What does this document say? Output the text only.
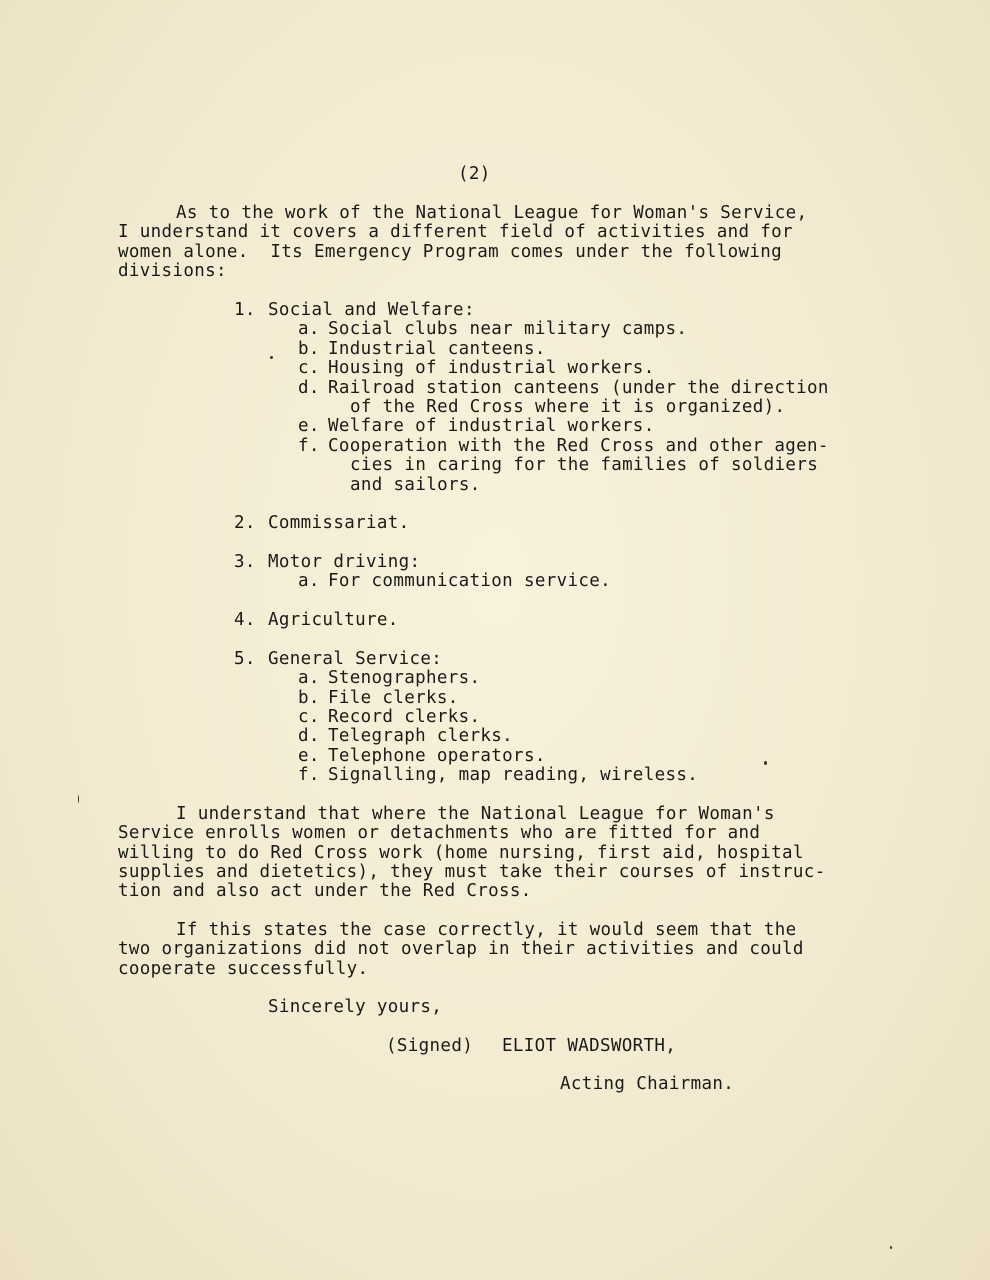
(2)
As to the work of the National League for Woman's Service,
I understand it covers a different field of activities and for
women alone.  Its Emergency Program comes under the following
divisions:
1. Social and Welfare:
a. Social clubs near military camps.
b. Industrial canteens.
c. Housing of industrial workers.
d. Railroad station canteens (under the direction
of the Red Cross where it is organized).
e. Welfare of industrial workers.
f. Cooperation with the Red Cross and other agen-
cies in caring for the families of soldiers
and sailors.
2. Commissariat.
3. Motor driving:
a. For communication service.
4. Agriculture.
5. General Service:
a. Stenographers.
b. File clerks.
c. Record clerks.
d. Telegraph clerks.
e. Telephone operators.
f. Signalling, map reading, wireless.
I understand that where the National League for Woman's
Service enrolls women or detachments who are fitted for and
willing to do Red Cross work (home nursing, first aid, hospital
supplies and dietetics), they must take their courses of instruc-
tion and also act under the Red Cross.
If this states the case correctly, it would seem that the
two organizations did not overlap in their activities and could
cooperate successfully.
Sincerely yours,
(Signed) ELIOT WADSWORTH,
Acting Chairman.
